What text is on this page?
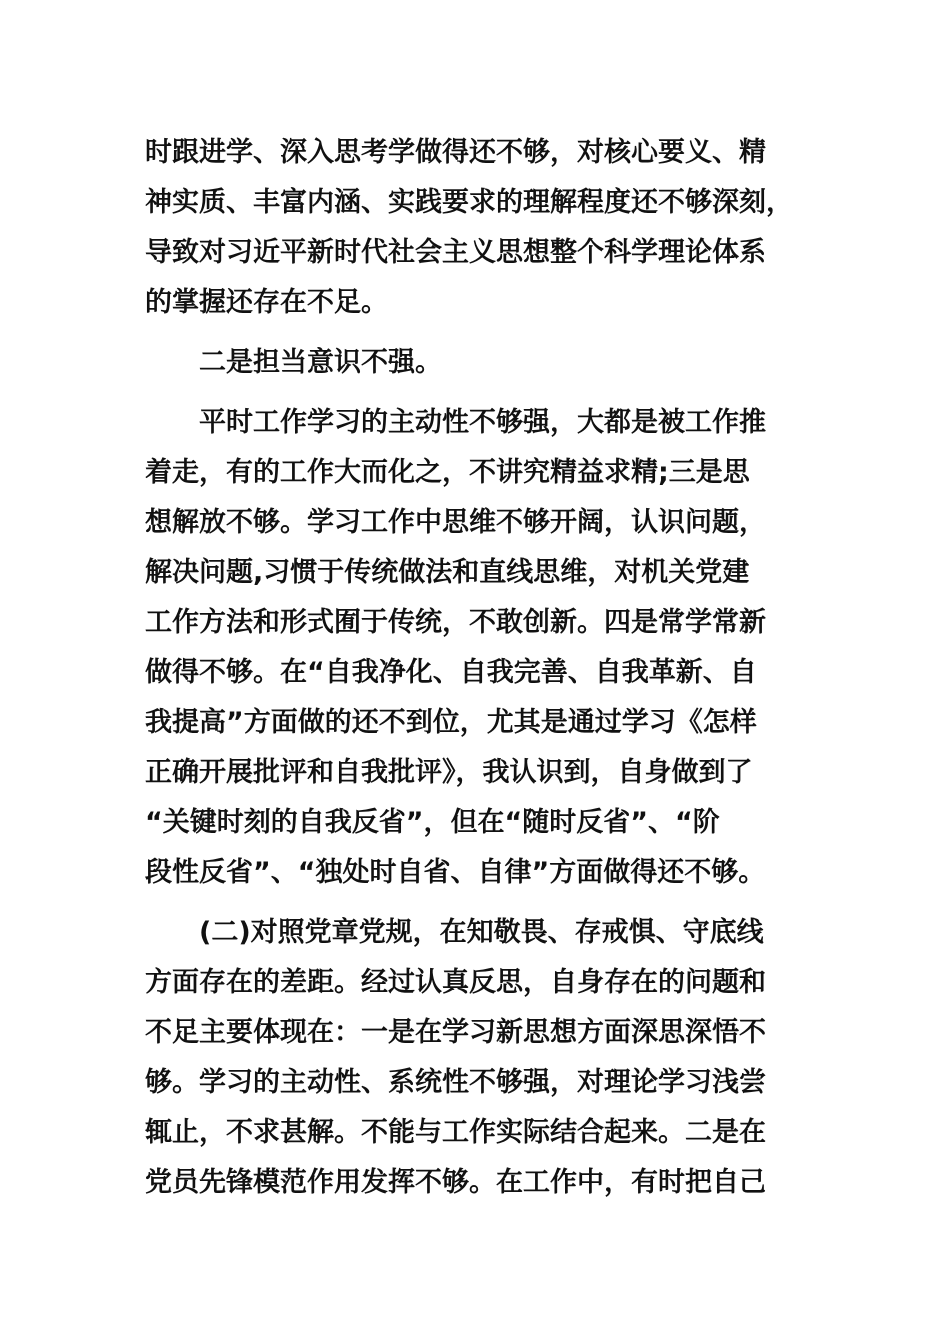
时跟进学、深入思考学做得还不够，对核心要义、精
神实质、丰富内涵、实践要求的理解程度还不够深刻，
导致对习近平新时代社会主义思想整个科学理论体系
的掌握还存在不足。
　　二是担当意识不强。
　　平时工作学习的主动性不够强，大都是被工作推
着走，有的工作大而化之，不讲究精益求精;三是思
想解放不够。学习工作中思维不够开阔，认识问题，
解决问题,习惯于传统做法和直线思维，对机关党建
工作方法和形式囿于传统，不敢创新。四是常学常新
做得不够。在“自我净化、自我完善、自我革新、自
我提高”方面做的还不到位，尤其是通过学习《怎样
正确开展批评和自我批评》，我认识到，自身做到了
“关键时刻的自我反省”，但在“随时反省”、“阶
段性反省”、“独处时自省、自律”方面做得还不够。
　　(二)对照党章党规，在知敬畏、存戒惧、守底线
方面存在的差距。经过认真反思，自身存在的问题和
不足主要体现在：一是在学习新思想方面深思深悟不
够。学习的主动性、系统性不够强，对理论学习浅尝
辄止，不求甚解。不能与工作实际结合起来。二是在
党员先锋模范作用发挥不够。在工作中，有时把自己
